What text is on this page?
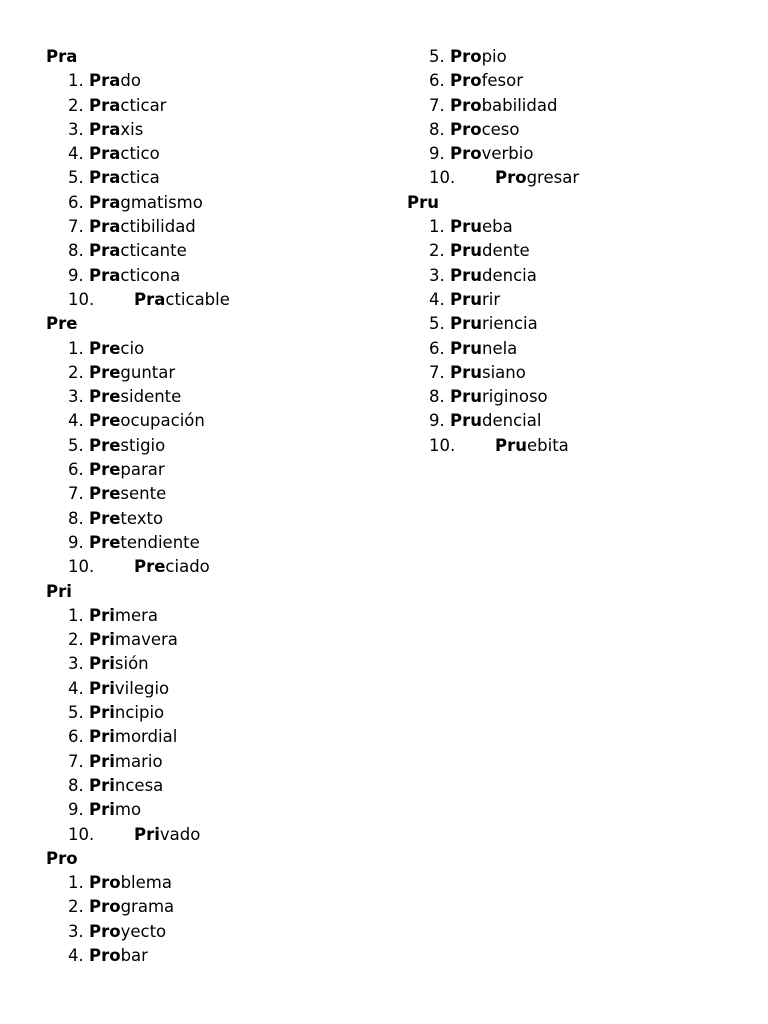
Pra
1. Prado
2. Practicar
3. Praxis
4. Practico
5. Practica
6. Pragmatismo
7. Practibilidad
8. Practicante
9. Practicona
10. Practicable
Pre
1. Precio
2. Preguntar
3. Presidente
4. Preocupación
5. Prestigio
6. Preparar
7. Presente
8. Pretexto
9. Pretendiente
10. Preciado
Pri
1. Primera
2. Primavera
3. Prisión
4. Privilegio
5. Principio
6. Primordial
7. Primario
8. Princesa
9. Primo
10. Privado
Pro
1. Problema
2. Programa
3. Proyecto
4. Probar
5. Propio
6. Profesor
7. Probabilidad
8. Proceso
9. Proverbio
10. Progresar
Pru
1. Prueba
2. Prudente
3. Prudencia
4. Prurir
5. Pruriencia
6. Prunela
7. Prusiano
8. Pruriginoso
9. Prudencial
10. Pruebita
